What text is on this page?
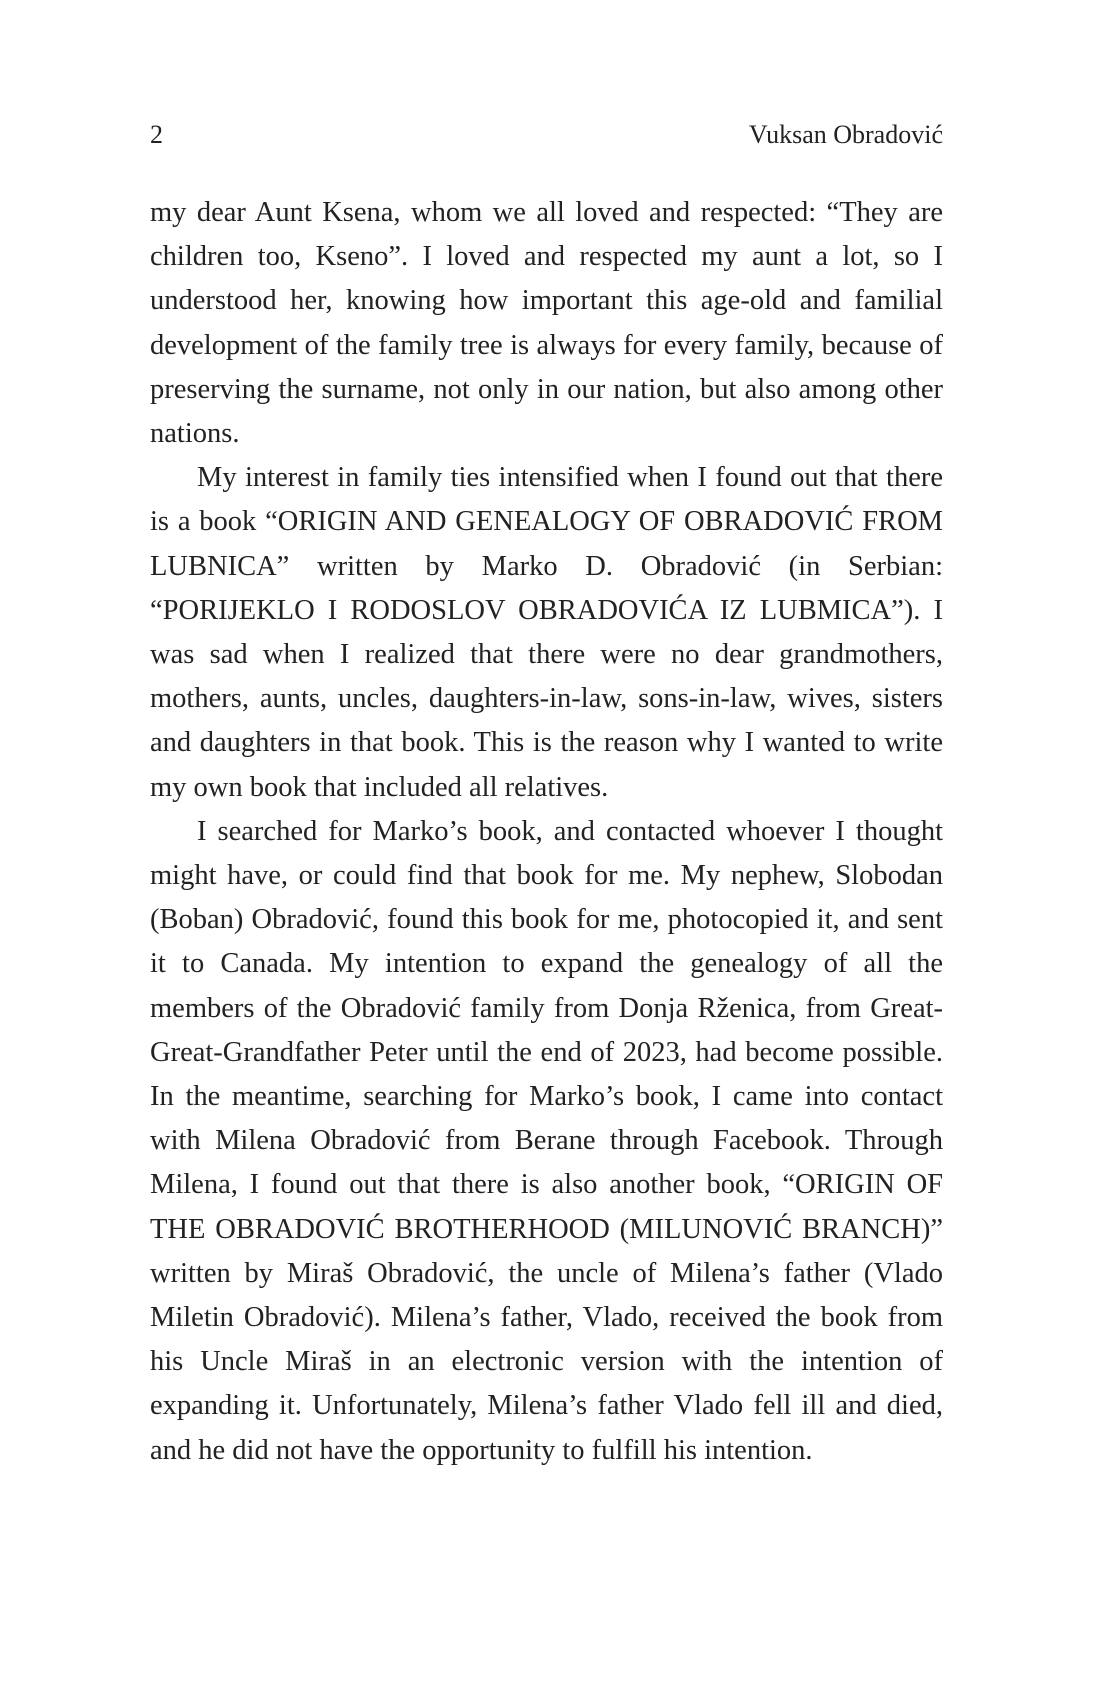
2	Vuksan Obradović

my dear Aunt Ksena, whom we all loved and respected: “They are children too, Kseno”. I loved and respected my aunt a lot, so I understood her, knowing how important this age-old and familial development of the family tree is always for every family, because of preserving the surname, not only in our nation, but also among other nations.

My interest in family ties intensified when I found out that there is a book “ORIGIN AND GENEALOGY OF OBRADOVIĆ FROM LUBNICA” written by Marko D. Obradović (in Serbian: “PORIJEKLO I RODOSLOV OBRADOVIĆA IZ LUBMICA”). I was sad when I realized that there were no dear grandmothers, mothers, aunts, uncles, daughters-in-law, sons-in-law, wives, sisters and daughters in that book. This is the reason why I wanted to write my own book that included all relatives.

I searched for Marko’s book, and contacted whoever I thought might have, or could find that book for me. My nephew, Slobodan (Boban) Obradović, found this book for me, photocopied it, and sent it to Canada. My intention to expand the genealogy of all the members of the Obradović family from Donja Rženica, from Great-Great-Grandfather Peter until the end of 2023, had become possible. In the meantime, searching for Marko’s book, I came into contact with Milena Obradović from Berane through Facebook. Through Milena, I found out that there is also another book, “ORIGIN OF THE OBRADOVIĆ BROTHERHOOD (MILUNOVIĆ BRANCH)” written by Miraš Obradović, the uncle of Milena’s father (Vlado Miletin Obradović). Milena’s father, Vlado, received the book from his Uncle Miraš in an electronic version with the intention of expanding it. Unfortunately, Milena’s father Vlado fell ill and died, and he did not have the opportunity to fulfill his intention.
